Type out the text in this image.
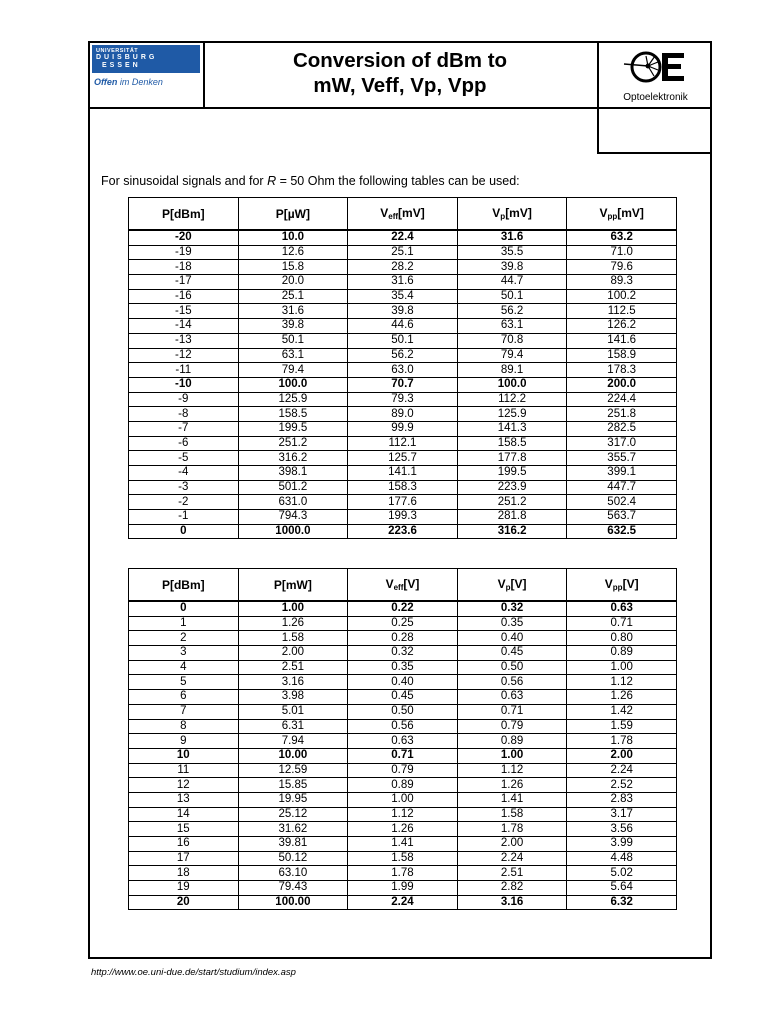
UNIVERSITÄT
DUISBURG
ESSEN
Offen im Denken
Conversion of dBm to
mW, Veff, Vp, Vpp
Optoelektronik
For sinusoidal signals and for R = 50 Ohm the following tables can be used:
P[dBm]	P[µW]	$V_{eff}[mV]$	$V_p[mV]$	$V_{pp}[mV]$
-20	10.0	22.4	31.6	63.2
-19	12.6	25.1	35.5	71.0
-18	15.8	28.2	39.8	79.6
-17	20.0	31.6	44.7	89.3
-16	25.1	35.4	50.1	100.2
-15	31.6	39.8	56.2	112.5
-14	39.8	44.6	63.1	126.2
-13	50.1	50.1	70.8	141.6
-12	63.1	56.2	79.4	158.9
-11	79.4	63.0	89.1	178.3
-10	100.0	70.7	100.0	200.0
-9	125.9	79.3	112.2	224.4
-8	158.5	89.0	125.9	251.8
-7	199.5	99.9	141.3	282.5
-6	251.2	112.1	158.5	317.0
-5	316.2	125.7	177.8	355.7
-4	398.1	141.1	199.5	399.1
-3	501.2	158.3	223.9	447.7
-2	631.0	177.6	251.2	502.4
-1	794.3	199.3	281.8	563.7
0	1000.0	223.6	316.2	632.5
P[dBm]	P[mW]	$V_{eff}[V]$	$V_p[V]$	$V_{pp}[V]$
0	1.00	0.22	0.32	0.63
1	1.26	0.25	0.35	0.71
2	1.58	0.28	0.40	0.80
3	2.00	0.32	0.45	0.89
4	2.51	0.35	0.50	1.00
5	3.16	0.40	0.56	1.12
6	3.98	0.45	0.63	1.26
7	5.01	0.50	0.71	1.42
8	6.31	0.56	0.79	1.59
9	7.94	0.63	0.89	1.78
10	10.00	0.71	1.00	2.00
11	12.59	0.79	1.12	2.24
12	15.85	0.89	1.26	2.52
13	19.95	1.00	1.41	2.83
14	25.12	1.12	1.58	3.17
15	31.62	1.26	1.78	3.56
16	39.81	1.41	2.00	3.99
17	50.12	1.58	2.24	4.48
18	63.10	1.78	2.51	5.02
19	79.43	1.99	2.82	5.64
20	100.00	2.24	3.16	6.32
http://www.oe.uni-due.de/start/studium/index.asp
